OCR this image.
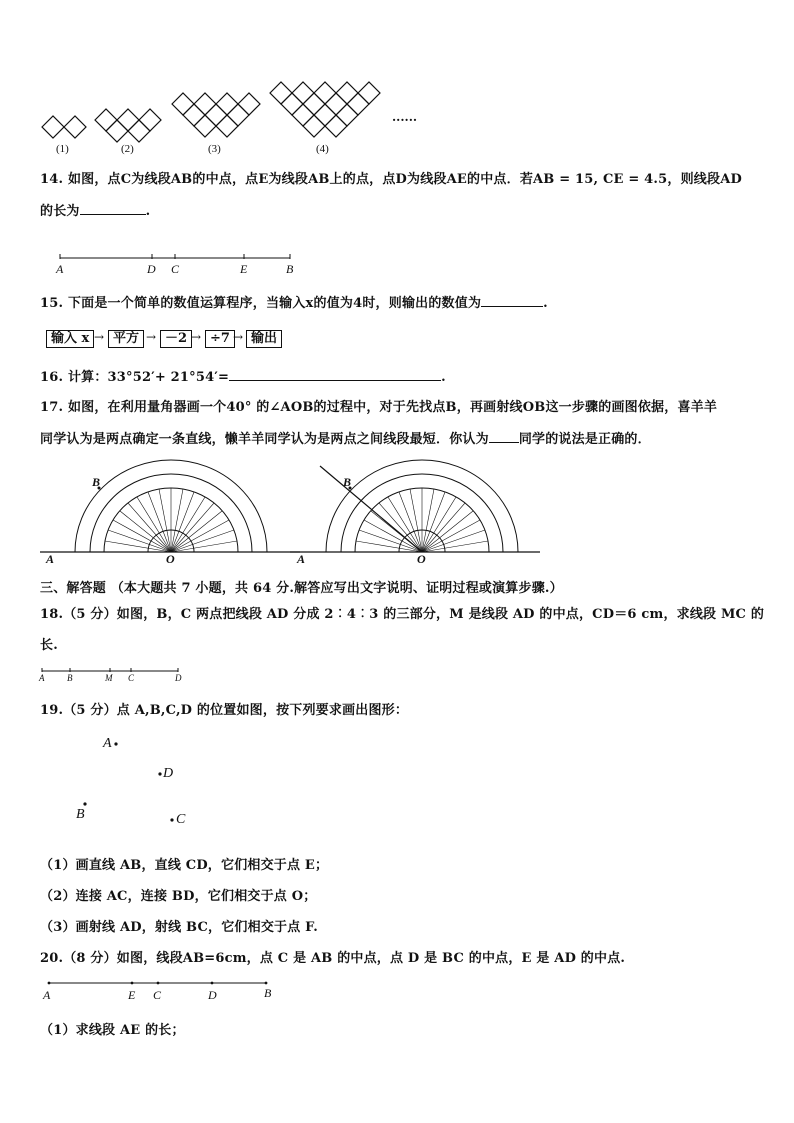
(1)	(2)	(3)	(4)
......
14. 如图，点C为线段AB的中点，点E为线段AB上的点，点D为线段AE的中点．若AB = 15, CE = 4.5，则线段AD
的长为	.
A	D C	E	B
15. 下面是一个简单的数值运算程序，当输入x的值为4时，则输出的数值为	.
输入 x → 平方 → －2 → ÷7 → 输出
16. 计算：33°52′+ 21°54′=	.
17. 如图，在利用量角器画一个40° 的∠AOB的过程中，对于先找点B，再画射线OB这一步骤的画图依据，喜羊羊
同学认为是两点确定一条直线，懒羊羊同学认为是两点之间线段最短．你认为 同学的说法是正确的．
B
A	O
B
A	O
三、解答题 （本大题共 7 小题，共 64 分.解答应写出文字说明、证明过程或演算步骤.）
18.（5 分）如图，B，C 两点把线段 AD 分成 2︰4︰3 的三部分，M 是线段 AD 的中点，CD＝6 cm，求线段 MC 的
长.
A	B	M C	D
19.（5 分）点 A,B,C,D 的位置如图，按下列要求画出图形：
A
D
B	C
（1）画直线 AB，直线 CD，它们相交于点 E；
（2）连接 AC，连接 BD，它们相交于点 O；
（3）画射线 AD，射线 BC，它们相交于点 F.
20.（8 分）如图，线段AB=6cm，点 C 是 AB 的中点，点 D 是 BC 的中点，E 是 AD 的中点.
A	E C	D	B
（1）求线段 AE 的长；
